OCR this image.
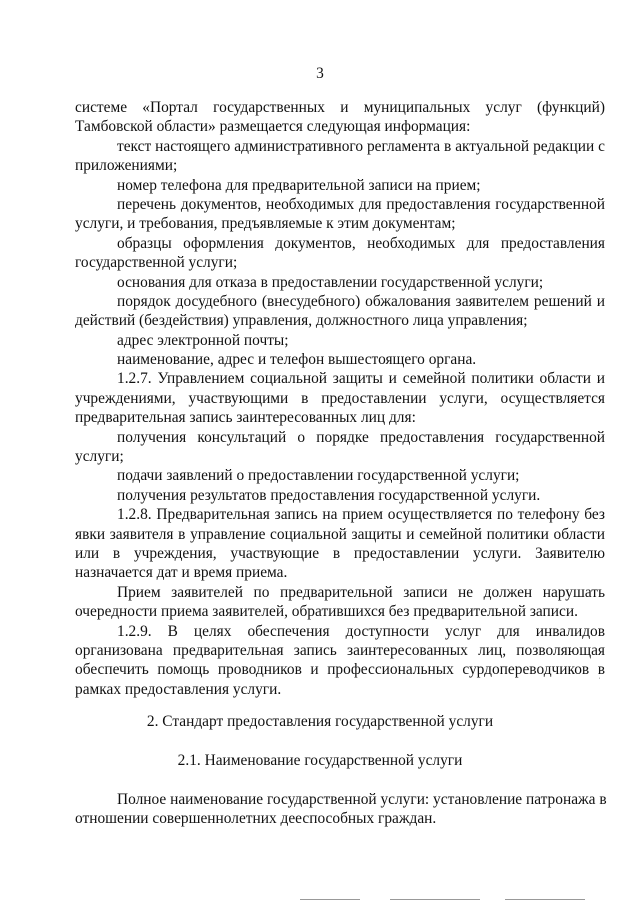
3
системе «Портал государственных и муниципальных услуг (функций)
Тамбовской области» размещается следующая информация:
текст настоящего административного регламента в актуальной редакции с
приложениями;
номер телефона для предварительной записи на прием;
перечень документов, необходимых для предоставления государственной
услуги, и требования, предъявляемые к этим документам;
образцы оформления документов, необходимых для предоставления
государственной услуги;
основания для отказа в предоставлении государственной услуги;
порядок досудебного (внесудебного) обжалования заявителем решений и
действий (бездействия) управления, должностного лица управления;
адрес электронной почты;
наименование, адрес и телефон вышестоящего органа.
1.2.7. Управлением социальной защиты и семейной политики области и
учреждениями, участвующими в предоставлении услуги, осуществляется
предварительная запись заинтересованных лиц для:
получения консультаций о порядке предоставления государственной
услуги;
подачи заявлений о предоставлении государственной услуги;
получения результатов предоставления государственной услуги.
1.2.8. Предварительная запись на прием осуществляется по телефону без
явки заявителя в управление социальной защиты и семейной политики области
или в учреждения, участвующие в предоставлении услуги. Заявителю
назначается дат и время приема.
Прием заявителей по предварительной записи не должен нарушать
очередности приема заявителей, обратившихся без предварительной записи.
1.2.9. В целях обеспечения доступности услуг для инвалидов
организована предварительная запись заинтересованных лиц, позволяющая
обеспечить помощь проводников и профессиональных сурдопереводчиков в
рамках предоставления услуги.
2. Стандарт предоставления государственной услуги
2.1. Наименование государственной услуги
Полное наименование государственной услуги: установление патронажа в
отношении совершеннолетних дееспособных граждан.
ˈ
